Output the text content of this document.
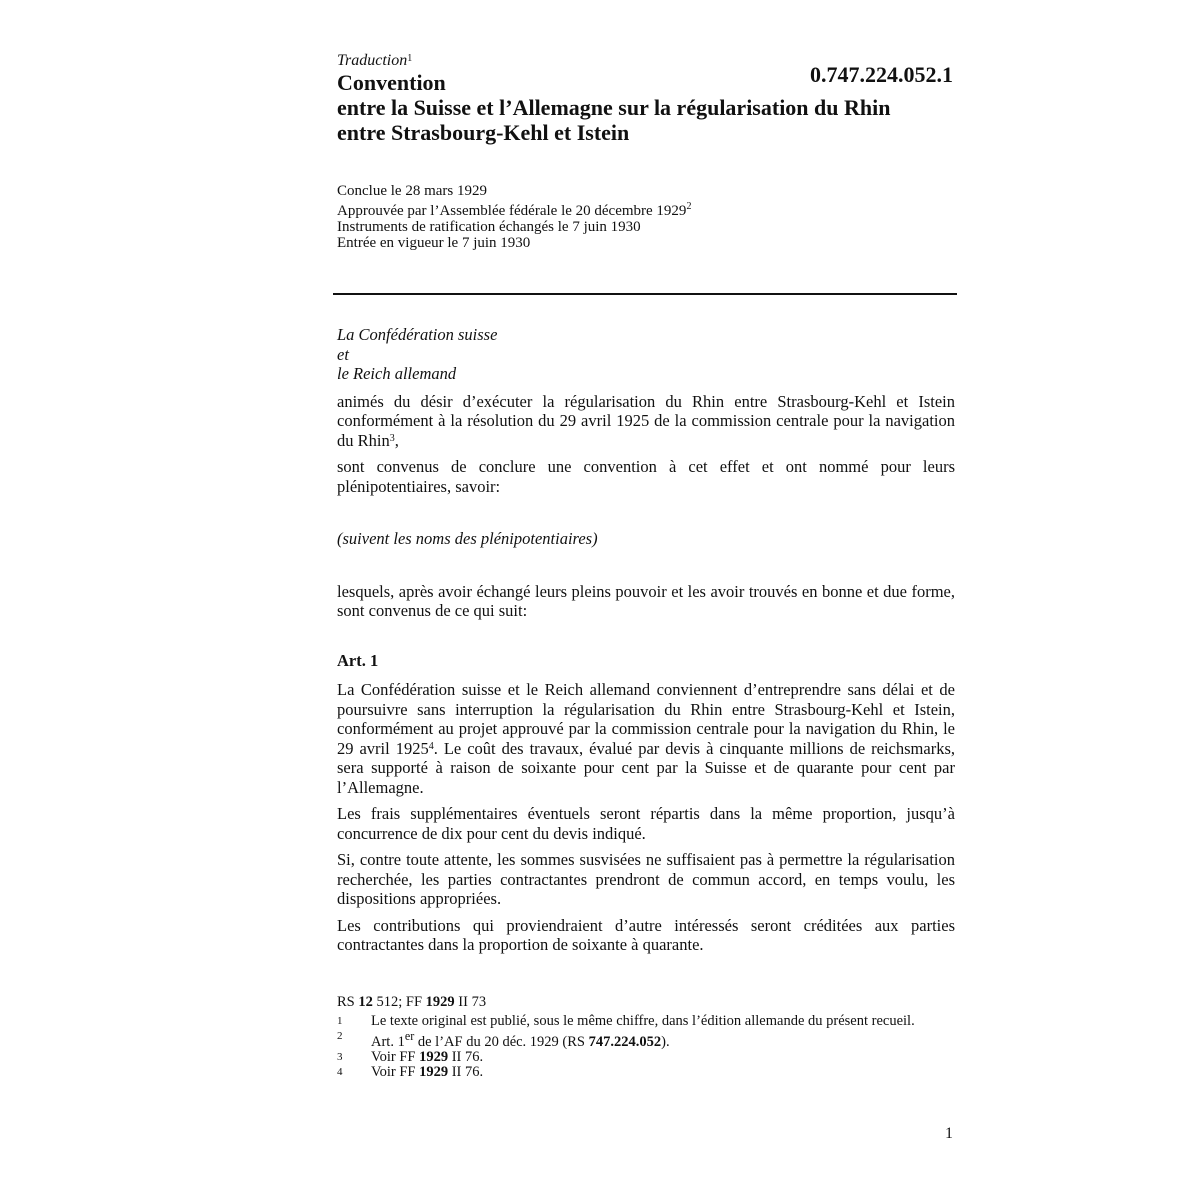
Traduction$^1$
0.747.224.052.1
Convention
entre la Suisse et l’Allemagne sur la régularisation du Rhin
entre Strasbourg-Kehl et Istein
Conclue le 28 mars 1929
Approuvée par l’Assemblée fédérale le 20 décembre 1929$^2$
Instruments de ratification échangés le 7 juin 1930
Entrée en vigueur le 7 juin 1930

La Confédération suisse
et
le Reich allemand

animés du désir d’exécuter la régularisation du Rhin entre Strasbourg-Kehl et Istein conformément à la résolution du 29 avril 1925 de la commission centrale pour la navigation du Rhin$^3$,

sont convenus de conclure une convention à cet effet et ont nommé pour leurs plénipotentiaires, savoir:

(suivent les noms des plénipotentiaires)

lesquels, après avoir échangé leurs pleins pouvoir et les avoir trouvés en bonne et due forme, sont convenus de ce qui suit:

Art. 1

La Confédération suisse et le Reich allemand conviennent d’entreprendre sans délai et de poursuivre sans interruption la régularisation du Rhin entre Strasbourg-Kehl et Istein, conformément au projet approuvé par la commission centrale pour la navigation du Rhin, le 29 avril 1925$^4$. Le coût des travaux, évalué par devis à cinquante millions de reichsmarks, sera supporté à raison de soixante pour cent par la Suisse et de quarante pour cent par l’Allemagne.

Les frais supplémentaires éventuels seront répartis dans la même proportion, jusqu’à concurrence de dix pour cent du devis indiqué.

Si, contre toute attente, les sommes susvisées ne suffisaient pas à permettre la régularisation recherchée, les parties contractantes prendront de commun accord, en temps voulu, les dispositions appropriées.

Les contributions qui proviendraient d’autre intéressés seront créditées aux parties contractantes dans la proportion de soixante à quarante.

RS 12 512; FF 1929 II 73
1	Le texte original est publié, sous le même chiffre, dans l’édition allemande du présent recueil.
2	Art. 1er de l’AF du 20 déc. 1929 (RS 747.224.052).
3	Voir FF 1929 II 76.
4	Voir FF 1929 II 76.
1
